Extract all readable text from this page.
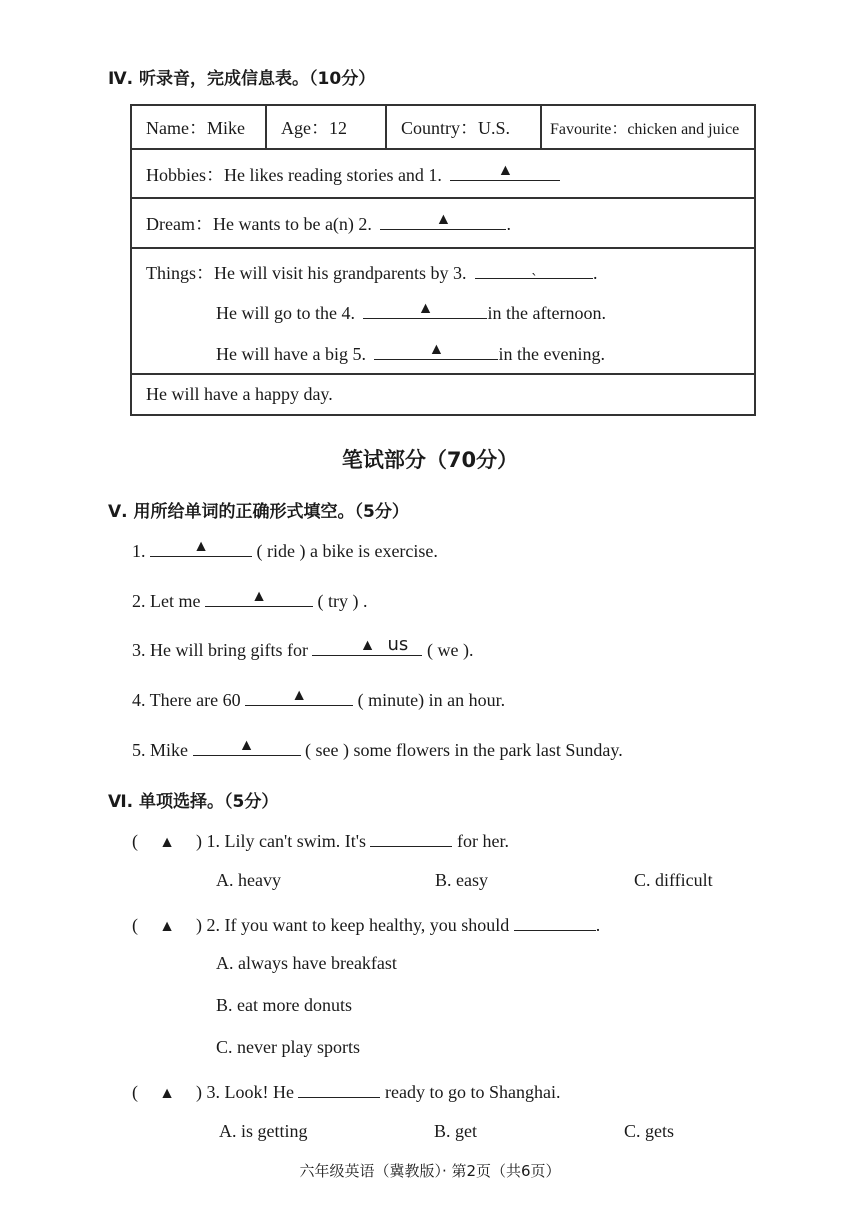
Ⅳ. 听录音，完成信息表。（10分）
Name：Mike	Age：12	Country：U.S.	Favourite：chicken and juice
Hobbies：He likes reading stories and 1.	▲

Dream：He wants to be a(n) 2.	▲	.

Things：He will visit his grandparents by 3.	ˎ	.
He will go to the 4.	▲	in the afternoon.
He will have a big 5.	▲	in the evening.

He will have a happy day.
笔试部分（70分）
Ⅴ. 用所给单词的正确形式填空。（5分）
1.	▲	( ride ) a bike is exercise.
2. Let me	▲	( try ) .
3. He will bring gifts for	▲ us ( we ).
4. There are 60	▲	( minute) in an hour.
5. Mike	▲	( see ) some flowers in the park last Sunday.
Ⅵ. 单项选择。（5分）
( ▲ ) 1. Lily can't swim. It's	for her.
A. heavy	B. easy	C. difficult
( ▲ ) 2. If you want to keep healthy, you should	.
A. always have breakfast
B. eat more donuts
C. never play sports
( ▲ ) 3. Look! He	ready to go to Shanghai.
A. is getting	B. get	C. gets
六年级英语（冀教版）· 第2页（共6页）
